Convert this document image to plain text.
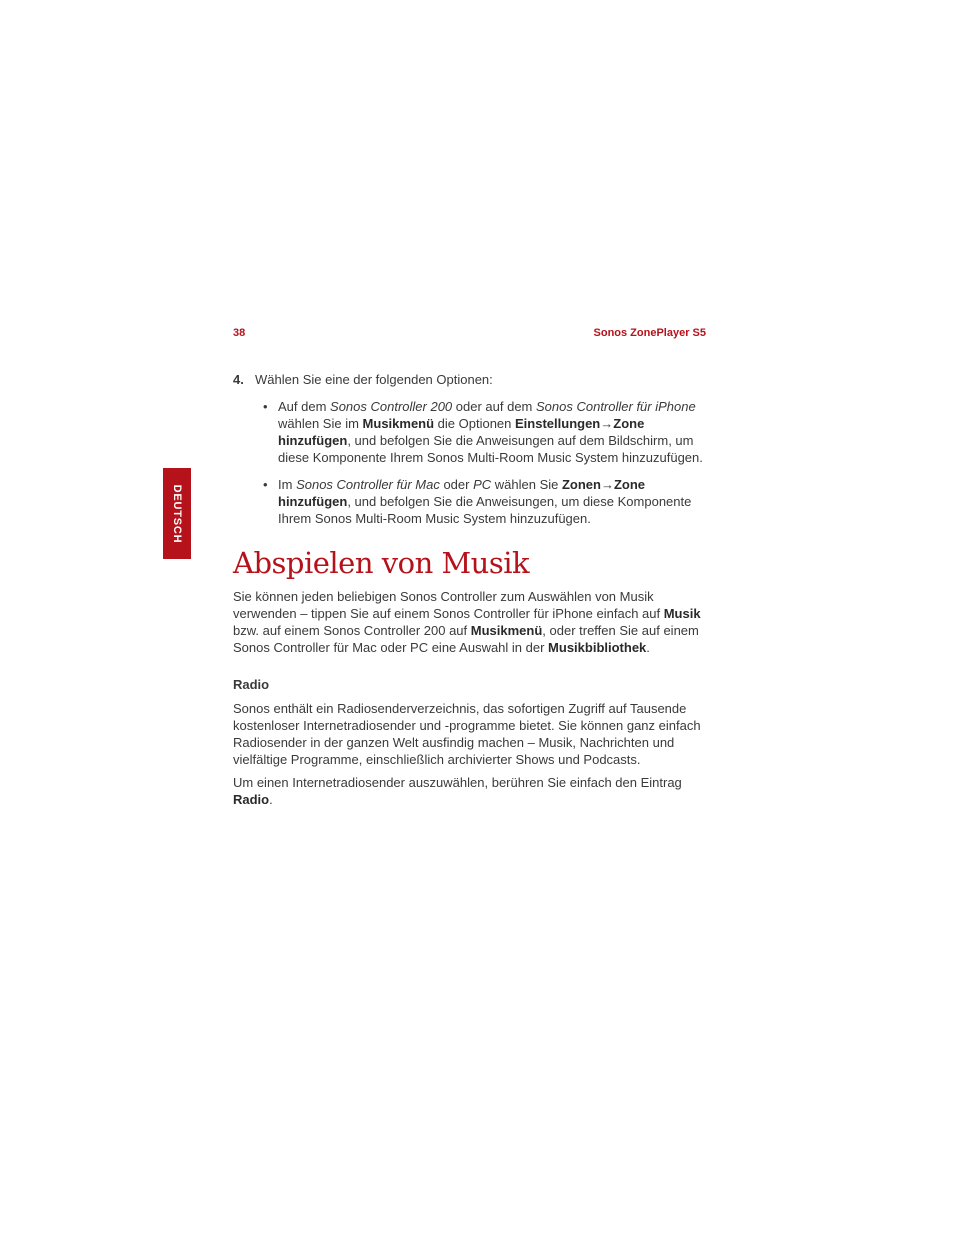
38	Sonos ZonePlayer S5
DEUTSCH
4. Wählen Sie eine der folgenden Optionen:
• Auf dem Sonos Controller 200 oder auf dem Sonos Controller für iPhone wählen Sie im Musikmenü die Optionen Einstellungen→Zone hinzufügen, und befolgen Sie die Anweisungen auf dem Bildschirm, um diese Komponente Ihrem Sonos Multi-Room Music System hinzuzufügen.
• Im Sonos Controller für Mac oder PC wählen Sie Zonen→Zone hinzufügen, und befolgen Sie die Anweisungen, um diese Komponente Ihrem Sonos Multi-Room Music System hinzuzufügen.
Abspielen von Musik

Sie können jeden beliebigen Sonos Controller zum Auswählen von Musik verwenden – tippen Sie auf einem Sonos Controller für iPhone einfach auf Musik bzw. auf einem Sonos Controller 200 auf Musikmenü, oder treffen Sie auf einem Sonos Controller für Mac oder PC eine Auswahl in der Musikbibliothek.

Radio

Sonos enthält ein Radiosenderverzeichnis, das sofortigen Zugriff auf Tausende kostenloser Internetradiosender und -programme bietet. Sie können ganz einfach Radiosender in der ganzen Welt ausfindig machen – Musik, Nachrichten und vielfältige Programme, einschließlich archivierter Shows und Podcasts.

Um einen Internetradiosender auszuwählen, berühren Sie einfach den Eintrag Radio.
